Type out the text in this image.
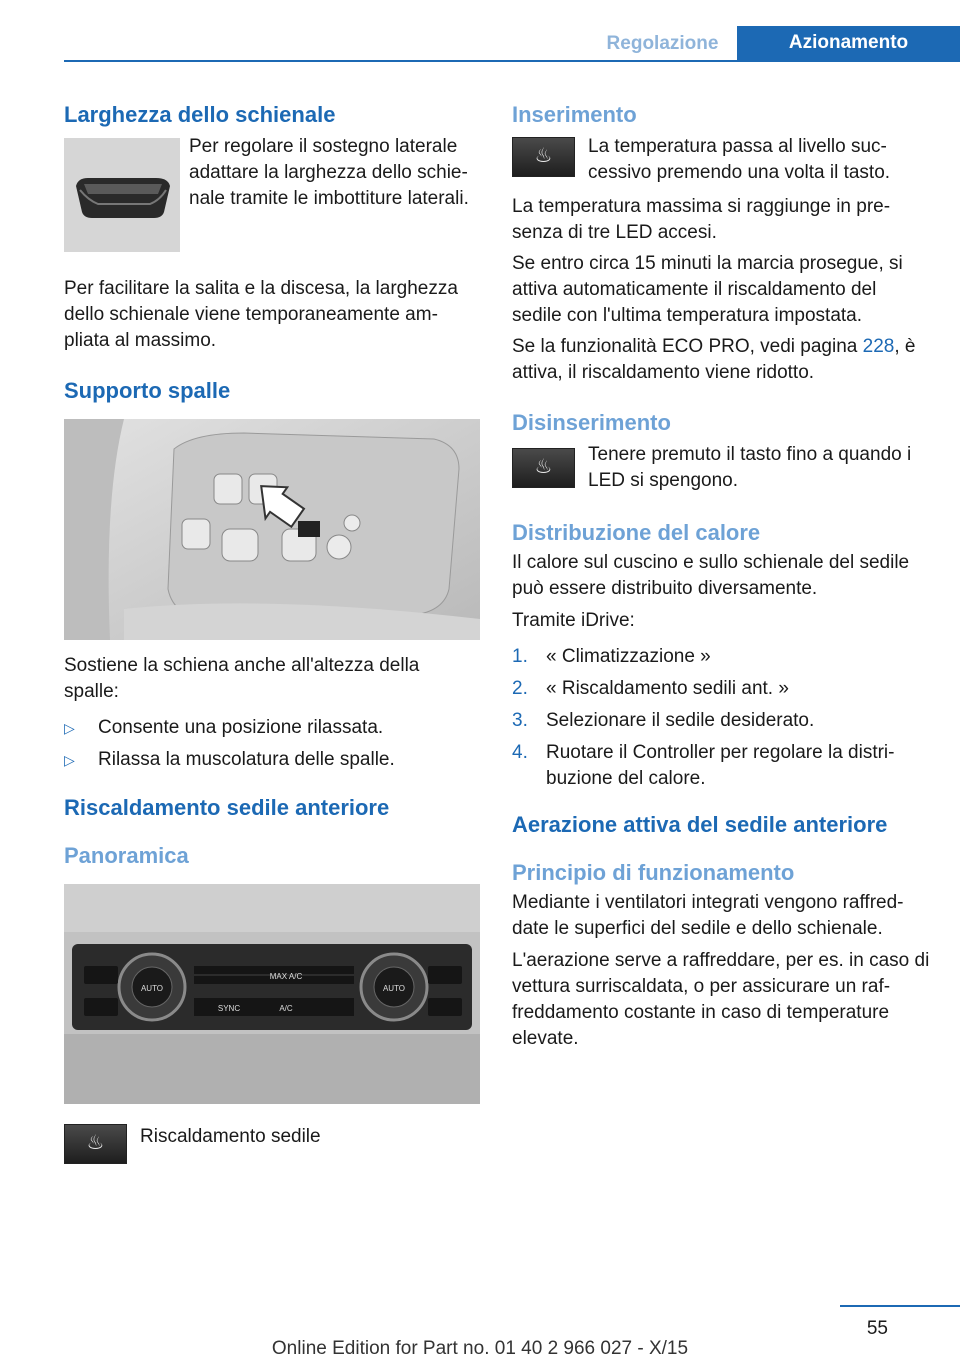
Regolazione	Azionamento
Larghezza dello schienale

Per regolare il sostegno laterale adattare la larghezza dello schienale tramite le imbottiture laterali.

Per facilitare la salita e la discesa, la larghezza dello schienale viene temporaneamente ampliata al massimo.

Supporto spalle

Sostiene la schiena anche all'altezza della spalle:

▷ Consente una posizione rilassata.
▷ Rilassa la muscolatura delle spalle.
Riscaldamento sedile anteriore
Panoramica
AUTO
MAX A/C
SYNC	A/C
AUTO
♨	Riscaldamento sedile

Inserimento
♨	La temperatura passa al livello successivo premendo una volta il tasto.

La temperatura massima si raggiunge in presenza di tre LED accesi.

Se entro circa 15 minuti la marcia prosegue, si attiva automaticamente il riscaldamento del sedile con l'ultima temperatura impostata.

Se la funzionalità ECO PRO, vedi pagina 228, è attiva, il riscaldamento viene ridotto.

Disinserimento
♨

Tenere premuto il tasto fino a quando i LED si spengono.

Distribuzione del calore

Il calore sul cuscino e sullo schienale del sedile può essere distribuito diversamente.

Tramite iDrive:

1. « Climatizzazione »
2. « Riscaldamento sedili ant. »
3. Selezionare il sedile desiderato.
4. Ruotare il Controller per regolare la distribuzione del calore.
Aerazione attiva del sedile anteriore
Principio di funzionamento

Mediante i ventilatori integrati vengono raffreddate le superfici del sedile e dello schienale.

L'aerazione serve a raffreddare, per es. in caso di vettura surriscaldata, o per assicurare un raffreddamento costante in caso di temperature elevate.

55
Online Edition for Part no. 01 40 2 966 027 - X/15
